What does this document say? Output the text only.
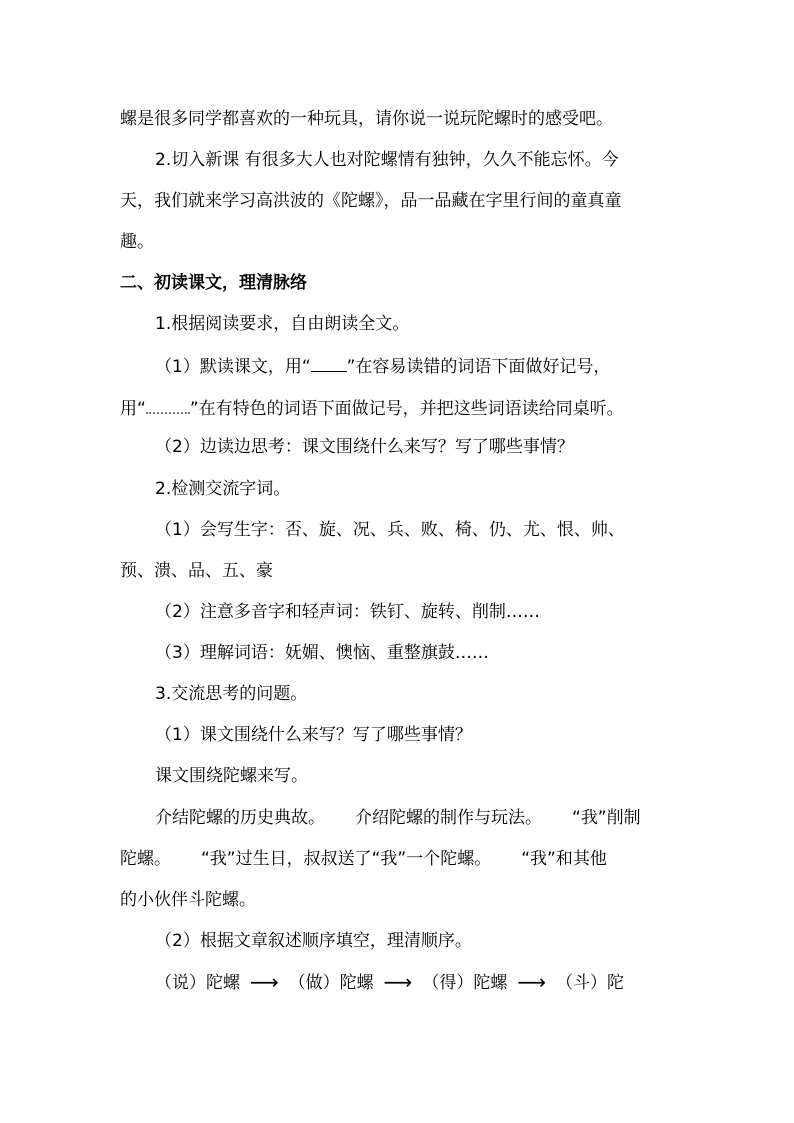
螺是很多同学都喜欢的一种玩具，请你说一说玩陀螺时的感受吧。
2.切入新课 有很多大人也对陀螺情有独钟，久久不能忘怀。今
天，我们就来学习高洪波的《陀螺》，品一品藏在字里行间的童真童
趣。
二、初读课文，理清脉络
1.根据阅读要求，自由朗读全文。
（1）默读课文，用“ ”在容易读错的词语下面做好记号，
用“	”在有特色的词语下面做记号，并把这些词语读给同桌听。
（2）边读边思考：课文围绕什么来写？写了哪些事情？
2.检测交流字词。
（1）会写生字：否、旋、况、兵、败、椅、仍、尤、恨、帅、
预、溃、品、五、豪
（2）注意多音字和轻声词：铁钉、旋转、削制……
（3）理解词语：妩媚、懊恼、重整旗鼓……
3.交流思考的问题。
（1）课文围绕什么来写？写了哪些事情？
课文围绕陀螺来写。
介结陀螺的历史典故。 介绍陀螺的制作与玩法。 “我”削制
陀螺。 “我”过生日，叔叔送了“我”一个陀螺。 “我”和其他
的小伙伴斗陀螺。
（2）根据文章叙述顺序填空，理清顺序。
（说）陀螺 ⟶ （做）陀螺 ⟶ （得）陀螺 ⟶ （斗）陀
